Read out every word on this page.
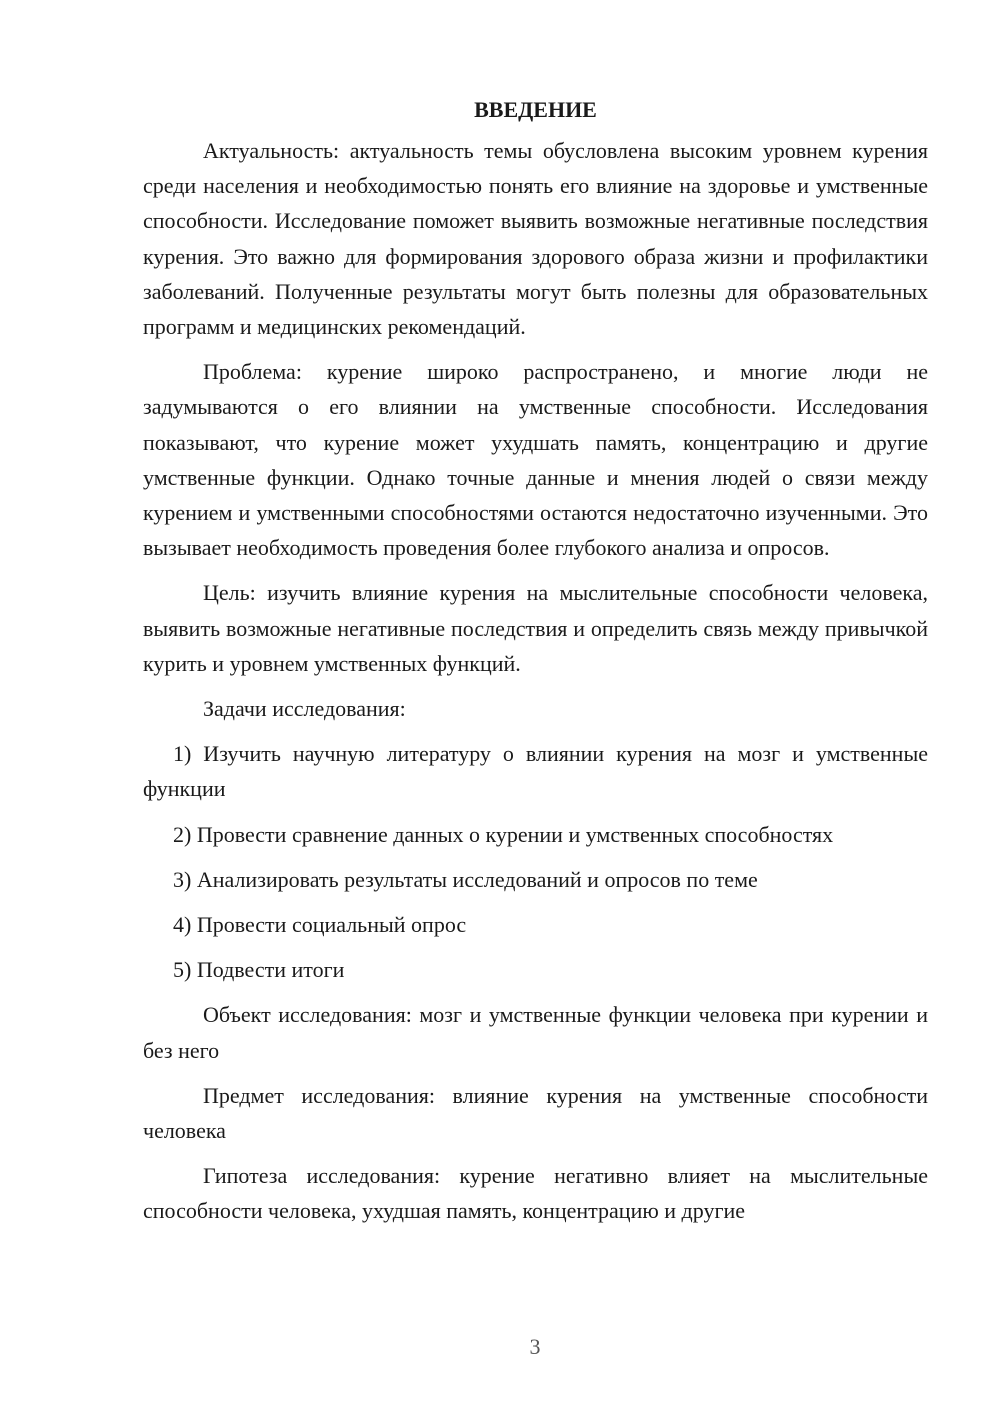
ВВЕДЕНИЕ

Актуальность: актуальность темы обусловлена высоким уровнем курения среди населения и необходимостью понять его влияние на здоровье и умственные способности. Исследование поможет выявить возможные негативные последствия курения. Это важно для формирования здорового образа жизни и профилактики заболеваний. Полученные результаты могут быть полезны для образовательных программ и медицинских рекомендаций.

Проблема: курение широко распространено, и многие люди не задумываются о его влиянии на умственные способности. Исследования показывают, что курение может ухудшать память, концентрацию и другие умственные функции. Однако точные данные и мнения людей о связи между курением и умственными способностями остаются недостаточно изученными. Это вызывает необходимость проведения более глубокого анализа и опросов.

Цель: изучить влияние курения на мыслительные способности человека, выявить возможные негативные последствия и определить связь между привычкой курить и уровнем умственных функций.

Задачи исследования:

1) Изучить научную литературу о влиянии курения на мозг и умственные функции

2) Провести сравнение данных о курении и умственных способностях

3) Анализировать результаты исследований и опросов по теме

4) Провести социальный опрос

5) Подвести итоги

Объект исследования: мозг и умственные функции человека при курении и без него

Предмет исследования: влияние курения на умственные способности человека

Гипотеза исследования: курение негативно влияет на мыслительные способности человека, ухудшая память, концентрацию и другие

3
